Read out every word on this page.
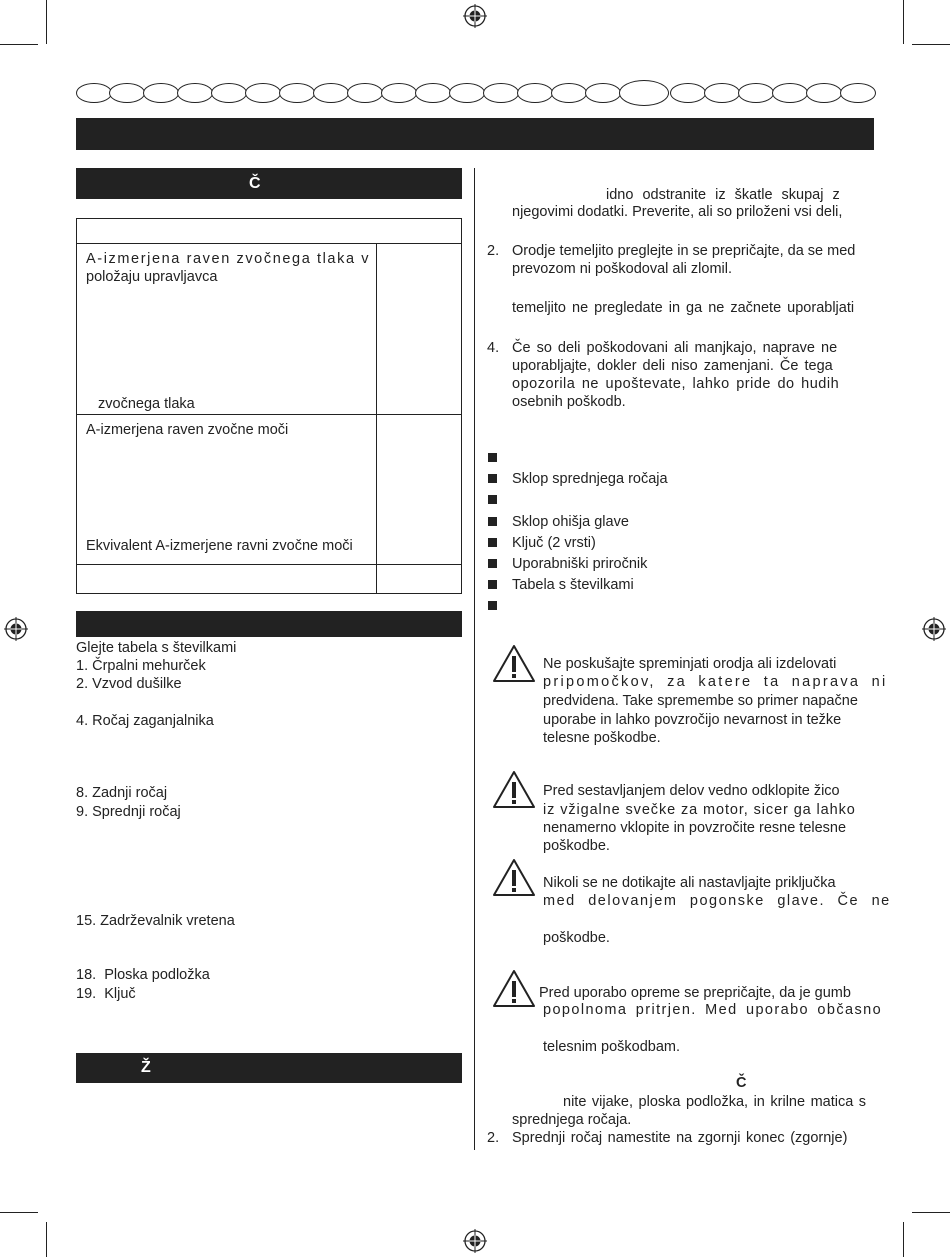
Č
A-izmerjena raven zvočnega tlaka v
položaju upravljavca
zvočnega tlaka
A-izmerjena raven zvočne moči
Ekvivalent A-izmerjene ravni zvočne moči
Glejte tabela s številkami
1. Črpalni mehurček
2. Vzvod dušilke
4. Ročaj zaganjalnika
8. Zadnji ročaj
9. Sprednji ročaj
15. Zadrževalnik vretena
18.  Ploska podložka
19.  Ključ
Ž
idno odstranite iz škatle skupaj z
njegovimi dodatki. Preverite, ali so priloženi vsi deli,
2. Orodje temeljito preglejte in se prepričajte, da se med
prevozom ni poškodoval ali zlomil.
temeljito ne pregledate in ga ne začnete uporabljati
4. Če so deli poškodovani ali manjkajo, naprave ne
uporabljajte, dokler deli niso zamenjani. Če tega
opozorila ne upoštevate, lahko pride do hudih
osebnih poškodb.
Sklop sprednjega ročaja
Sklop ohišja glave
Ključ (2 vrsti)
Uporabniški priročnik
Tabela s številkami
Ne poskušajte spreminjati orodja ali izdelovati
pripomočkov, za katere ta naprava ni
predvidena. Take spremembe so primer napačne
uporabe in lahko povzročijo nevarnost in težke
telesne poškodbe.
Pred sestavljanjem delov vedno odklopite žico
iz vžigalne svečke za motor, sicer ga lahko
nenamerno vklopite in povzročite resne telesne
poškodbe.
Nikoli se ne dotikajte ali nastavljajte priključka
med delovanjem pogonske glave. Če ne
poškodbe.
Pred uporabo opreme se prepričajte, da je gumb
popolnoma pritrjen. Med uporabo občasno
telesnim poškodbam.
Č
nite vijake, ploska podložka, in krilne matica s
sprednjega ročaja.
2. Sprednji ročaj namestite na zgornji konec (zgornje)
